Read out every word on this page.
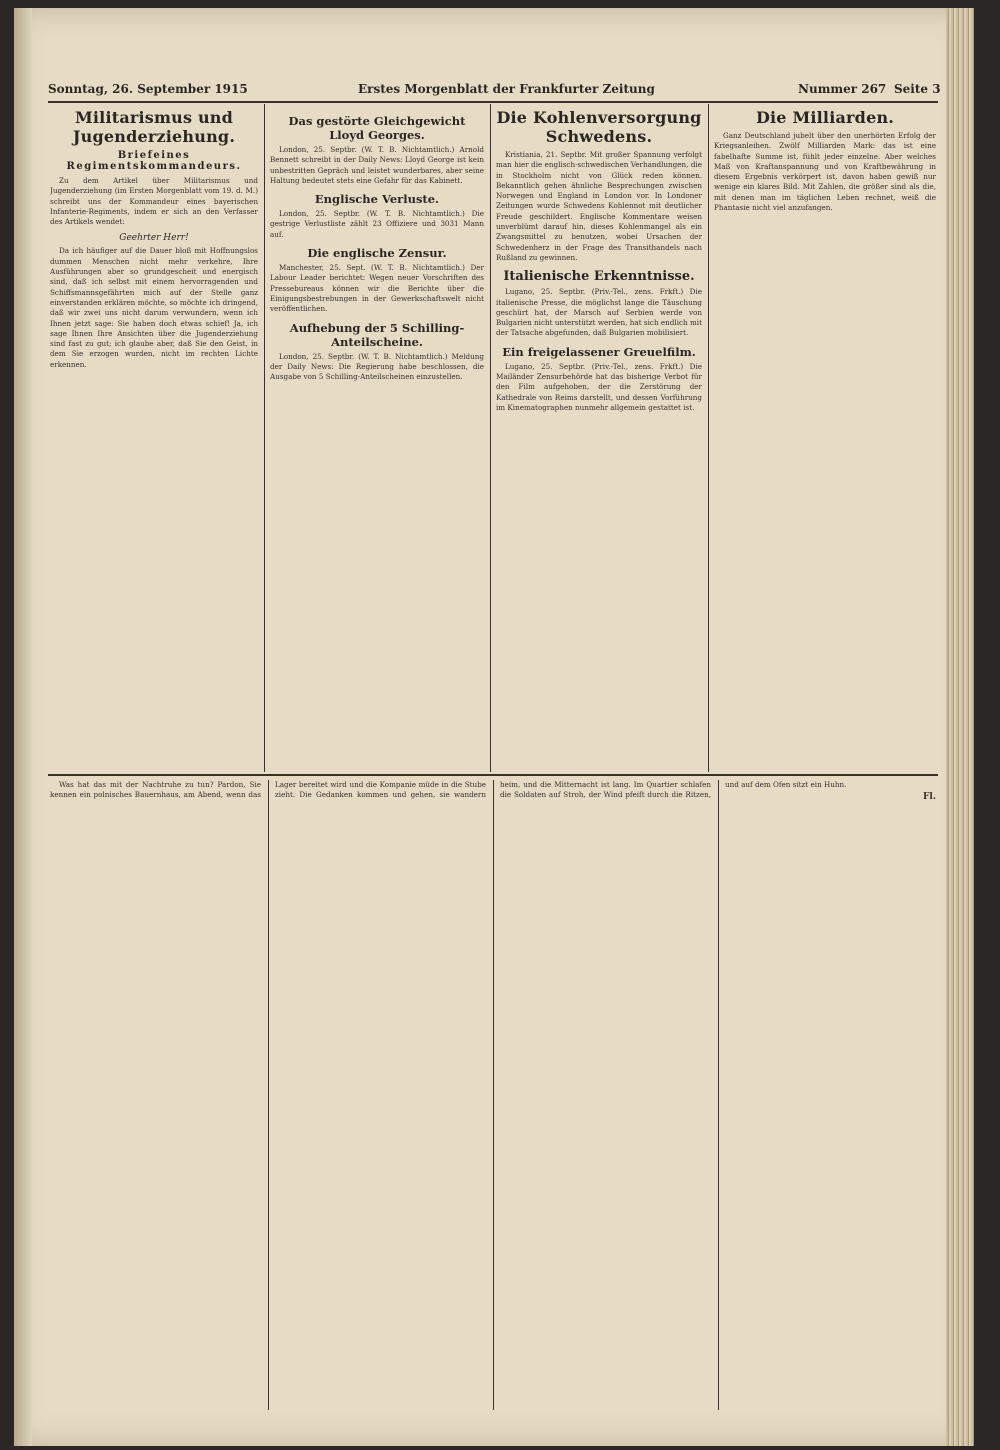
Sonntag, 26. September 1915	Erstes Morgenblatt der Frankfurter Zeitung	Nummer 267 Seite 3
Militarismus und Jugenderziehung.
Briefeines Regimentskommandeurs.

Zu dem Artikel über Militarismus und Jugenderziehung (im Ersten Morgenblatt vom 19. d. M.) schreibt uns der Kommandeur eines bayerischen Infanterie-Regiments, indem er sich an den Verfasser des Artikels wendet:

Geehrter Herr!

Da ich häufiger auf die Dauer bloß mit Hoffnungslos dummen Menschen nicht mehr verkehre, Ihre Ausführungen aber so grundgescheit und energisch sind, daß ich selbst mit einem hervorragenden und Schiffsmannsgefährten mich auf der Stelle ganz einverstanden erklären möchte, so möchte ich dringend, daß wir zwei uns nicht darum verwundern, wenn ich Ihnen jetzt sage: Sie haben doch etwas schief! Ja, ich sage Ihnen Ihre Ansichten über die Jugenderziehung sind fast zu gut; ich glaube aber, daß Sie den Geist, in dem Sie erzogen wurden, nicht im rechten Lichte erkennen.

Das gestörte Gleichgewicht Lloyd Georges.

London, 25. Septbr. (W. T. B. Nichtamtlich.) Arnold Bennett schreibt in der Daily News: Lloyd George ist kein unbestritten Gepräch und leistet wunderbares, aber seine Haltung bedeutet stets eine Gefahr für das Kabinett.

Englische Verluste.

London, 25. Septbr. (W. T. B. Nichtamtlich.) Die gestrige Verlustliste zählt 23 Offiziere und 3031 Mann auf.

Die englische Zensur.

Manchester, 25. Sept. (W. T. B. Nichtamtlich.) Der Labour Leader berichtet: Wegen neuer Vorschriften des Pressebureaus können wir die Berichte über die Einigungsbestrebungen in der Gewerkschaftswelt nicht veröffentlichen.

Aufhebung der 5 Schilling-Anteilscheine.

London, 25. Septbr. (W. T. B. Nichtamtlich.) Meldung der Daily News: Die Regierung habe beschlossen, die Ausgabe von 5 Schilling-Anteilscheinen einzustellen.

Die Kohlenversorgung Schwedens.

Kristiania, 21. Septbr. Mit großer Spannung verfolgt man hier die englisch-schwedischen Verhandlungen, die in Stockholm nicht von Glück reden können. Bekanntlich gehen ähnliche Besprechungen zwischen Norwegen und England in London vor. In Londoner Zeitungen wurde Schwedens Kohlennot mit deutlicher Freude geschildert. Englische Kommentare weisen unverblümt darauf hin, dieses Kohlenmangel als ein Zwangsmittel zu benutzen, wobei Ursachen der Schwedenherz in der Frage des Transithandels nach Rußland zu gewinnen.

Italienische Erkenntnisse.

Lugano, 25. Septbr. (Priv.-Tel., zens. Frkft.) Die italienische Presse, die möglichst lange die Täuschung geschürt hat, der Marsch auf Serbien werde von Bulgarien nicht unterstützt werden, hat sich endlich mit der Tatsache abgefunden, daß Bulgarien mobilisiert.

Ein freigelassener Greuelfilm.

Lugano, 25. Septbr. (Priv.-Tel., zens. Frkft.) Die Mailänder Zensurbehörde hat das bisherige Verbot für den Film aufgehoben, der die Zerstörung der Kathedrale von Reims darstellt, und dessen Vorführung im Kinematographen nunmehr allgemein gestattet ist.

Die Milliarden.

Ganz Deutschland jubelt über den unerhörten Erfolg der Kriegsanleihen. Zwölf Milliarden Mark: das ist eine fabelhafte Summe ist, fühlt jeder einzelne. Aber welches Maß von Kraftanspannung und von Kraftbewährung in diesem Ergebnis verkörpert ist, davon haben gewiß nur wenige ein klares Bild. Mit Zahlen, die größer sind als die, mit denen man im täglichen Leben rechnet, weiß die Phantasie nicht viel anzufangen.

Was hat das mit der Nachtruhe zu tun? Pardon, Sie kennen ein polnisches Bauernhaus, am Abend, wenn das Lager bereitet wird und die Kompanie müde in die Stube zieht. Die Gedanken kommen und gehen, sie wandern heim, und die Mitternacht ist lang. Im Quartier schlafen die Soldaten auf Stroh, der Wind pfeift durch die Ritzen, und auf dem Ofen sitzt ein Huhn.

Fl.
